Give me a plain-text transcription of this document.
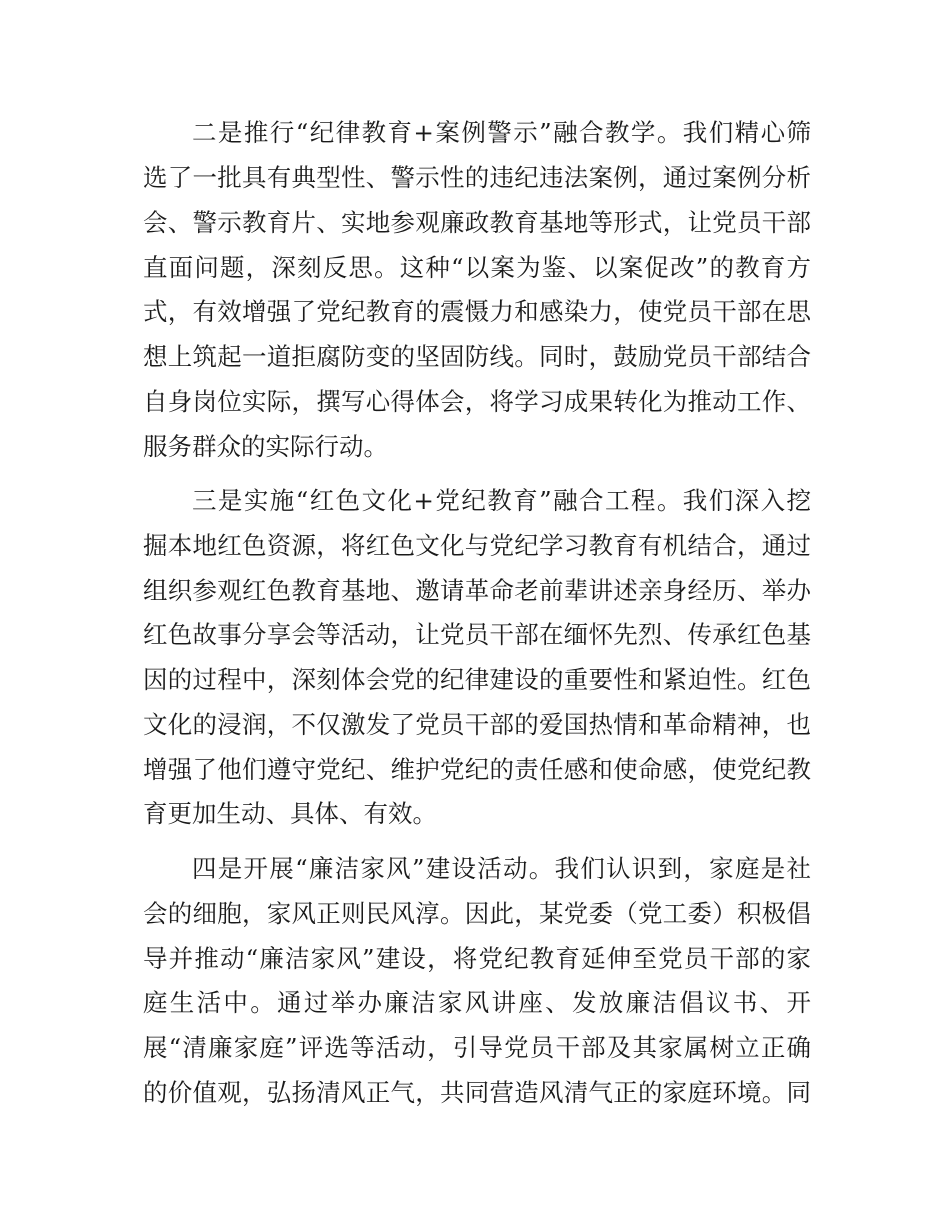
二是推行“纪律教育+案例警示”融合教学。我们精心筛
选了一批具有典型性、警示性的违纪违法案例，通过案例分析
会、警示教育片、实地参观廉政教育基地等形式，让党员干部
直面问题，深刻反思。这种“以案为鉴、以案促改”的教育方
式，有效增强了党纪教育的震慑力和感染力，使党员干部在思
想上筑起一道拒腐防变的坚固防线。同时，鼓励党员干部结合
自身岗位实际，撰写心得体会，将学习成果转化为推动工作、
服务群众的实际行动。
三是实施“红色文化+党纪教育”融合工程。我们深入挖
掘本地红色资源，将红色文化与党纪学习教育有机结合，通过
组织参观红色教育基地、邀请革命老前辈讲述亲身经历、举办
红色故事分享会等活动，让党员干部在缅怀先烈、传承红色基
因的过程中，深刻体会党的纪律建设的重要性和紧迫性。红色
文化的浸润，不仅激发了党员干部的爱国热情和革命精神，也
增强了他们遵守党纪、维护党纪的责任感和使命感，使党纪教
育更加生动、具体、有效。
四是开展“廉洁家风”建设活动。我们认识到，家庭是社
会的细胞，家风正则民风淳。因此，某党委（党工委）积极倡
导并推动“廉洁家风”建设，将党纪教育延伸至党员干部的家
庭生活中。通过举办廉洁家风讲座、发放廉洁倡议书、开
展“清廉家庭”评选等活动，引导党员干部及其家属树立正确
的价值观，弘扬清风正气，共同营造风清气正的家庭环境。同
